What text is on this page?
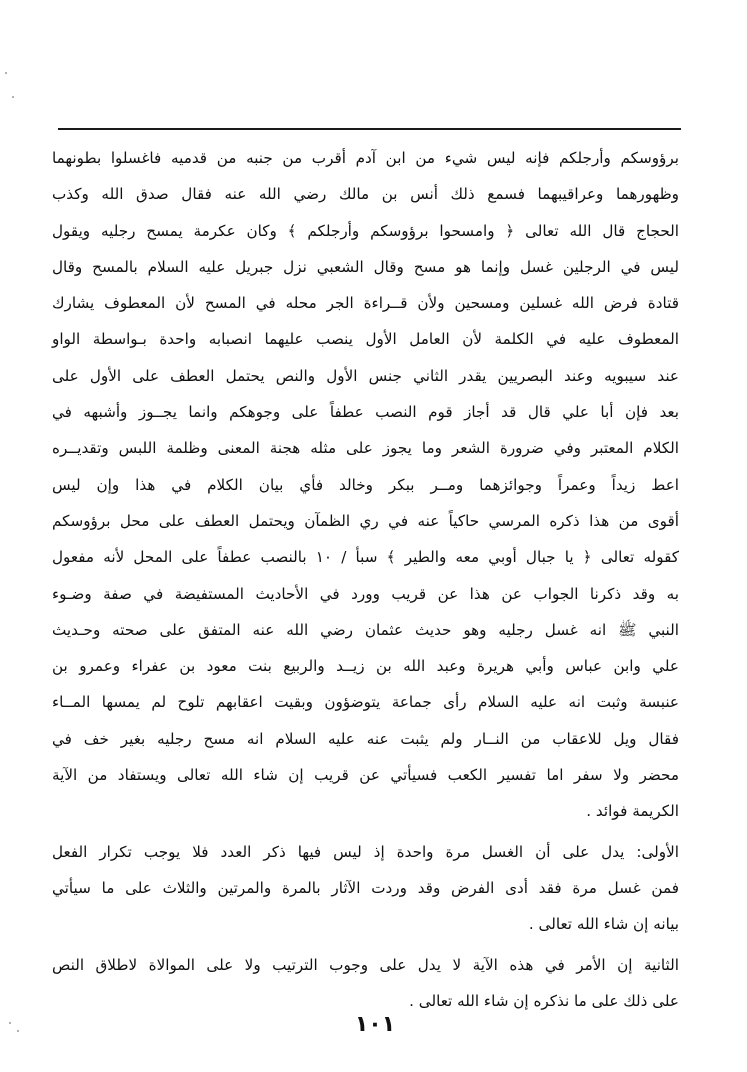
برؤوسكم وأرجلكم فإنه ليس شيء من ابن آدم أقرب من جنبه من قدميه فاغسلوا بطونهما
وظهورهما وعراقيبهما فسمع ذلك أنس بن مالك رضي الله عنه فقال صدق الله وكذب
الحجاج قال الله تعالى ﴿ وامسحوا برؤوسكم وأرجلكم ﴾ وكان عكرمة يمسح رجليه ويقول
ليس في الرجلين غسل وإنما هو مسح وقال الشعبي نزل جبريل عليه السلام بالمسح وقال
قتادة فرض الله غسلين ومسحين ولأن قــراءة الجر محله في المسح لأن المعطوف يشارك
المعطوف عليه في الكلمة لأن العامل الأول ينصب عليهما انصبابه واحدة بـواسطة الواو
عند سيبويه وعند البصريين يقدر الثاني جنس الأول والنص يحتمل العطف على الأول على
بعد فإن أبا علي قال قد أجاز قوم النصب عطفاً على وجوهكم وانما يجــوز وأشبهه في
الكلام المعتبر وفي ضرورة الشعر وما يجوز على مثله هجنة المعنى وظلمة اللبس وتقديــره
اعط زيداً وعمراً وجوائزهما ومــر ببكر وخالد فأي بيان الكلام في هذا وإن ليس
أقوى من هذا ذكره المرسي حاكياً عنه في ري الظمآن ويحتمل العطف على محل برؤوسكم
كقوله تعالى ﴿ يا جبال أوبي معه والطير ﴾ سبأ / ١٠ بالنصب عطفاً على المحل لأنه مفعول
به وقد ذكرنا الجواب عن هذا عن قريب وورد في الأحاديث المستفيضة في صفة وضـوء
النبي ﷺ انه غسل رجليه وهو حديث عثمان رضي الله عنه المتفق على صحته وحـديث
علي وابن عباس وأبي هريرة وعبد الله بن زيــد والربيع بنت معود بن عفراء وعمرو بن
عنبسة وثبت انه عليه السلام رأى جماعة يتوضؤون وبقيت اعقابهم تلوح لم يمسها المــاء
فقال ويل للاعقاب من النــار ولم يثبت عنه عليه السلام انه مسح رجليه بغير خف في
محضر ولا سفر اما تفسير الكعب فسيأتي عن قريب إن شاء الله تعالى ويستفاد من الآية
الكريمة فوائد .
الأولى: يدل على أن الغسل مرة واحدة إذ ليس فيها ذكر العدد فلا يوجب تكرار الفعل
فمن غسل مرة فقد أدى الفرض وقد وردت الآثار بالمرة والمرتين والثلاث على ما سيأتي
بيانه إن شاء الله تعالى .
الثانية إن الأمر في هذه الآية لا يدل على وجوب الترتيب ولا على الموالاة لاطلاق النص
على ذلك على ما نذكره إن شاء الله تعالى .
١٠١
